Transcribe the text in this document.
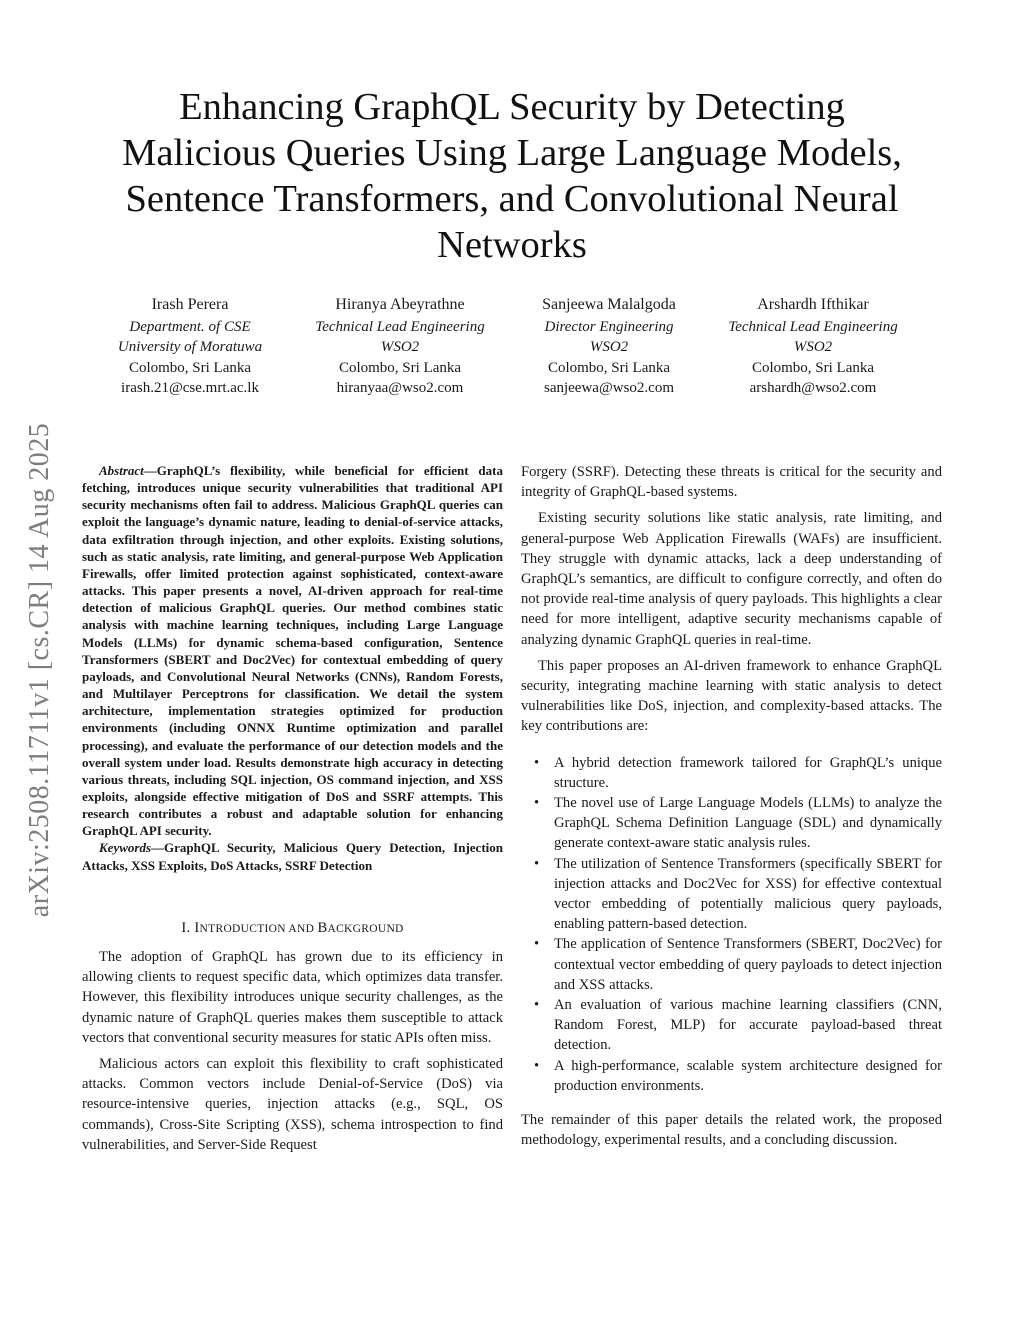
arXiv:2508.11711v1 [cs.CR] 14 Aug 2025
Enhancing GraphQL Security by Detecting
Malicious Queries Using Large Language Models,
Sentence Transformers, and Convolutional Neural
Networks
Irash Perera
Department. of CSE
University of Moratuwa
Colombo, Sri Lanka
irash.21@cse.mrt.ac.lk
Hiranya Abeyrathne
Technical Lead Engineering
WSO2
Colombo, Sri Lanka
hiranyaa@wso2.com
Sanjeewa Malalgoda
Director Engineering
WSO2
Colombo, Sri Lanka
sanjeewa@wso2.com
Arshardh Ifthikar
Technical Lead Engineering
WSO2
Colombo, Sri Lanka
arshardh@wso2.com
Abstract—GraphQL’s flexibility, while beneficial for efficient data fetching, introduces unique security vulnerabilities that traditional API security mechanisms often fail to address. Malicious GraphQL queries can exploit the language’s dynamic nature, leading to denial-of-service attacks, data exfiltration through injection, and other exploits. Existing solutions, such as static analysis, rate limiting, and general-purpose Web Application Firewalls, offer limited protection against sophisticated, context-aware attacks. This paper presents a novel, AI-driven approach for real-time detection of malicious GraphQL queries. Our method combines static analysis with machine learning techniques, including Large Language Models (LLMs) for dynamic schema-based configuration, Sentence Transformers (SBERT and Doc2Vec) for contextual embedding of query payloads, and Convolutional Neural Networks (CNNs), Random Forests, and Multilayer Perceptrons for classification. We detail the system architecture, implementation strategies optimized for production environments (including ONNX Runtime optimization and parallel processing), and evaluate the performance of our detection models and the overall system under load. Results demonstrate high accuracy in detecting various threats, including SQL injection, OS command injection, and XSS exploits, alongside effective mitigation of DoS and SSRF attempts. This research contributes a robust and adaptable solution for enhancing GraphQL API security.
Keywords—GraphQL Security, Malicious Query Detection, Injection Attacks, XSS Exploits, DoS Attacks, SSRF Detection
I. INTRODUCTION AND BACKGROUND

The adoption of GraphQL has grown due to its efficiency in allowing clients to request specific data, which optimizes data transfer. However, this flexibility introduces unique security challenges, as the dynamic nature of GraphQL queries makes them susceptible to attack vectors that conventional security measures for static APIs often miss.

Malicious actors can exploit this flexibility to craft sophisticated attacks. Common vectors include Denial-of-Service (DoS) via resource-intensive queries, injection attacks (e.g., SQL, OS commands), Cross-Site Scripting (XSS), schema introspection to find vulnerabilities, and Server-Side Request

Forgery (SSRF). Detecting these threats is critical for the security and integrity of GraphQL-based systems.

Existing security solutions like static analysis, rate limiting, and general-purpose Web Application Firewalls (WAFs) are insufficient. They struggle with dynamic attacks, lack a deep understanding of GraphQL’s semantics, are difficult to configure correctly, and often do not provide real-time analysis of query payloads. This highlights a clear need for more intelligent, adaptive security mechanisms capable of analyzing dynamic GraphQL queries in real-time.

This paper proposes an AI-driven framework to enhance GraphQL security, integrating machine learning with static analysis to detect vulnerabilities like DoS, injection, and complexity-based attacks. The key contributions are:

• A hybrid detection framework tailored for GraphQL’s unique structure.
• The novel use of Large Language Models (LLMs) to analyze the GraphQL Schema Definition Language (SDL) and dynamically generate context-aware static analysis rules.
• The utilization of Sentence Transformers (specifically SBERT for injection attacks and Doc2Vec for XSS) for effective contextual vector embedding of potentially malicious query payloads, enabling pattern-based detection.
• The application of Sentence Transformers (SBERT, Doc2Vec) for contextual vector embedding of query payloads to detect injection and XSS attacks.
• An evaluation of various machine learning classifiers (CNN, Random Forest, MLP) for accurate payload-based threat detection.
• A high-performance, scalable system architecture designed for production environments.

The remainder of this paper details the related work, the proposed methodology, experimental results, and a concluding discussion.
